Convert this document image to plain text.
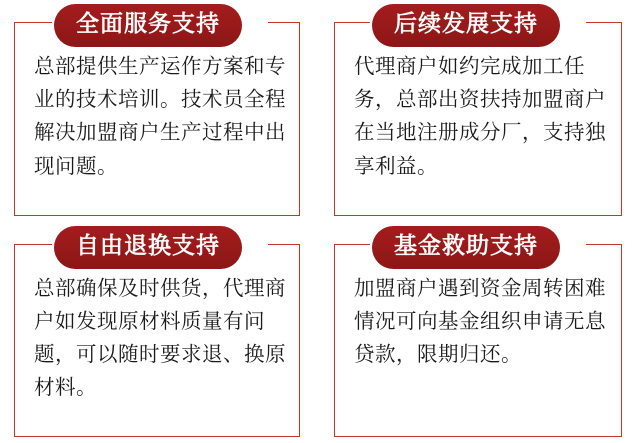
全面服务支持
总部提供生产运作方案和专业的技术培训。技术员全程解决加盟商户生产过程中出现问题。
后续发展支持
代理商户如约完成加工任务，总部出资扶持加盟商户在当地注册成分厂，支持独享利益。
自由退换支持
总部确保及时供货，代理商户如发现原材料质量有问题，可以随时要求退、换原材料。
基金救助支持
加盟商户遇到资金周转困难情况可向基金组织申请无息贷款，限期归还。
